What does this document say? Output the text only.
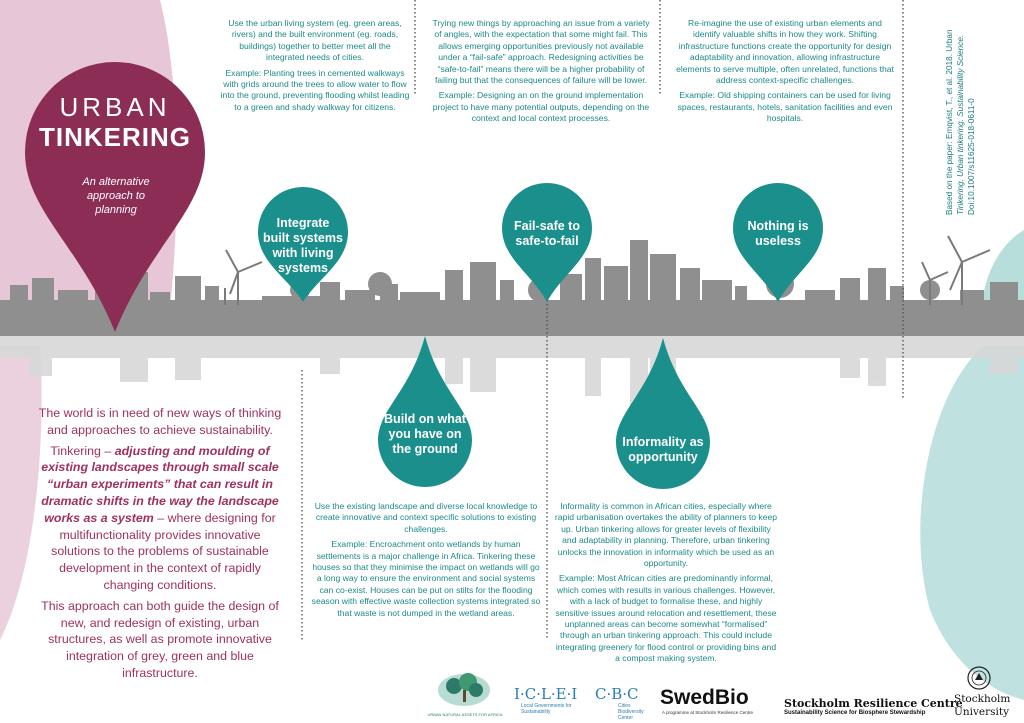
URBAN
TINKERING
An alternative approach to planning
Integrate built systems with living systems
Fail-safe to safe-to-fail
Nothing is useless
Build on what you have on the ground	Informality as opportunity

Use the urban living system (eg. green areas, rivers) and the built environment (eg. roads, buildings) together to better meet all the integrated needs of cities.

Example: Planting trees in cemented walkways with grids around the trees to allow water to flow into the ground, preventing flooding whilst leading to a green and shady walkway for citizens.

Trying new things by approaching an issue from a variety of angles, with the expectation that some might fail. This allows emerging opportunities previously not available under a “fail-safe” approach. Redesigning activities be “safe-to-fail” means there will be a higher probability of failing but that the consequences of failure will be lower.

Example: Designing an on the ground implementation project to have many potential outputs, depending on the context and local context processes.

Re-imagine the use of existing urban elements and identify valuable shifts in how they work. Shifting infrastructure functions create the opportunity for design adaptability and innovation, allowing infrastructure elements to serve multiple, often unrelated, functions that address context-specific challenges.

Example: Old shipping containers can be used for living spaces, restaurants, hotels, sanitation facilities and even hospitals.

Use the existing landscape and diverse local knowledge to create innovative and context specific solutions to existing challenges.

Example: Encroachment onto wetlands by human settlements is a major challenge in Africa. Tinkering these houses so that they minimise the impact on wetlands will go a long way to ensure the environment and social systems can co-exist. Houses can be put on stilts for the flooding season with effective waste collection systems integrated so that waste is not dumped in the wetland areas.

Informality is common in African cities, especially where rapid urbanisation overtakes the ability of planners to keep up. Urban tinkering allows for greater levels of flexibility and adaptability in planning. Therefore, urban tinkering unlocks the innovation in informality which be used as an opportunity.

Example: Most African cities are predominantly informal, which comes with results in various challenges. However, with a lack of budget to formalise these, and highly sensitive issues around relocation and resettlement, these unplanned areas can become somewhat “formalised” through an urban tinkering approach. This could include integrating greenery for flood control or providing bins and a compost making system.

The world is in need of new ways of thinking and approaches to achieve sustainability.

Tinkering – adjusting and moulding of existing landscapes through small scale “urban experiments” that can result in dramatic shifts in the way the landscape works as a system – where designing for multifunctionality provides innovative solutions to the problems of sustainable development in the context of rapidly changing conditions.

This approach can both guide the design of new, and redesign of existing, urban structures, as well as promote innovative integration of grey, green and blue infrastructure.

Based on the paper: Emqvist, T., et al. 2018. Urban Tinkering. Urban tinkering. Sustainability Science. Doi:10.1007/s11625-018-0611-0
URBAN NATURAL ASSETS FOR AFRICA
I·C·L·E·I
Local Governments for Sustainability
C·B·C
Cities Biodiversity Center
SwedBio
A programme at Stockholm Resilience Centre
Stockholm Resilience Centre
Sustainability Science for Biosphere Stewardship
Stockholm
University
